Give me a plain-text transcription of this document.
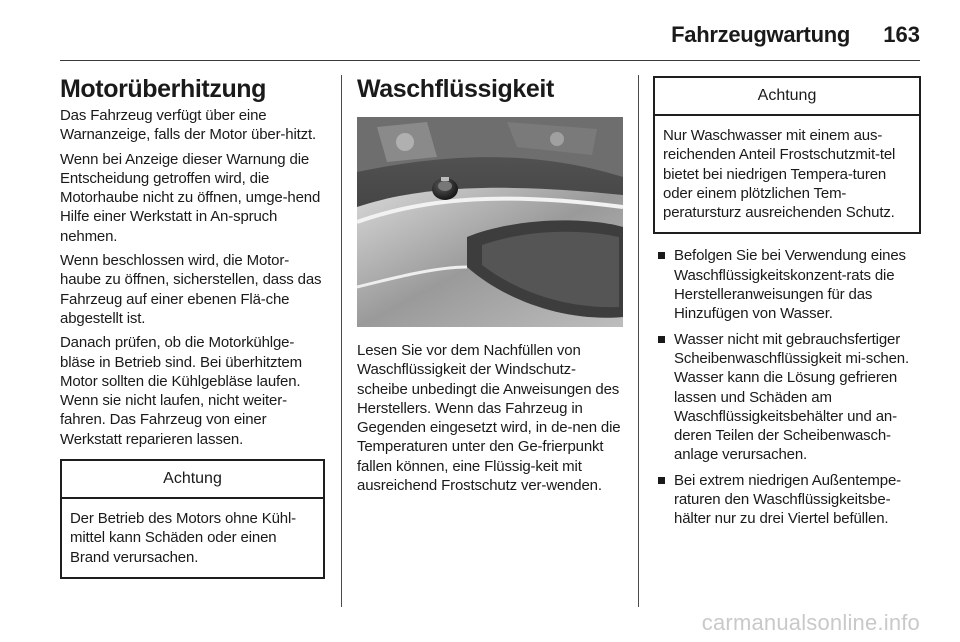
Fahrzeugwartung 163
Motorüberhitzung

Das Fahrzeug verfügt über eine Warnanzeige, falls der Motor über-hitzt.

Wenn bei Anzeige dieser Warnung die Entscheidung getroffen wird, die Motorhaube nicht zu öffnen, umge-hend Hilfe einer Werkstatt in An-spruch nehmen.

Wenn beschlossen wird, die Motor-haube zu öffnen, sicherstellen, dass das Fahrzeug auf einer ebenen Flä-che abgestellt ist.

Danach prüfen, ob die Motorkühlge-bläse in Betrieb sind. Bei überhitztem Motor sollten die Kühlgebläse laufen. Wenn sie nicht laufen, nicht weiter-fahren. Das Fahrzeug von einer Werkstatt reparieren lassen.

Achtung
Der Betrieb des Motors ohne Kühl-mittel kann Schäden oder einen Brand verursachen.
Waschflüssigkeit

Lesen Sie vor dem Nachfüllen von Waschflüssigkeit der Windschutz-scheibe unbedingt die Anweisungen des Herstellers. Wenn das Fahrzeug in Gegenden eingesetzt wird, in de-nen die Temperaturen unter den Ge-frierpunkt fallen können, eine Flüssig-keit mit ausreichend Frostschutz ver-wenden.

Achtung
Nur Waschwasser mit einem aus-reichenden Anteil Frostschutzmit-tel bietet bei niedrigen Tempera-turen oder einem plötzlichen Tem-peratursturz ausreichenden Schutz.
Befolgen Sie bei Verwendung eines Waschflüssigkeitskonzent-rats die Herstelleranweisungen für das Hinzufügen von Wasser.
Wasser nicht mit gebrauchsfertiger Scheibenwaschflüssigkeit mi-schen. Wasser kann die Lösung gefrieren lassen und Schäden am Waschflüssigkeitsbehälter und an-deren Teilen der Scheibenwasch-anlage verursachen.
Bei extrem niedrigen Außentempe-raturen den Waschflüssigkeitsbe-hälter nur zu drei Viertel befüllen.
carmanualsonline.info
